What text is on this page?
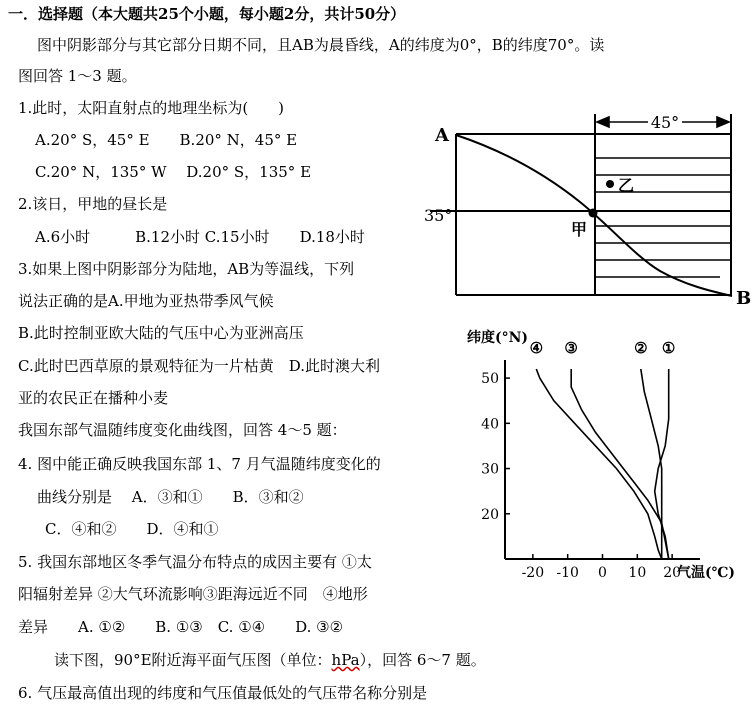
一．选择题（本大题共25个小题，每小题2分，共计50分）
图中阴影部分与其它部分日期不同，且AB为晨昏线，A的纬度为0°，B的纬度70°。读
图回答 1～3 题。
1.此时，太阳直射点的地理坐标为(　　)
A.20° S，45° E　　B.20° N，45° E
C.20° N，135° W　 D.20° S，135° E
2.该日，甲地的昼长是
A.6小时　　　B.12小时 C.15小时　　D.18小时
3.如果上图中阴影部分为陆地，AB为等温线，下列
说法正确的是A.甲地为亚热带季风气候
B.此时控制亚欧大陆的气压中心为亚洲高压
C.此时巴西草原的景观特征为一片枯黄　D.此时澳大利
亚的农民正在播种小麦
我国东部气温随纬度变化曲线图，回答 4～5 题：
4. 图中能正确反映我国东部 1、7 月气温随纬度变化的
曲线分别是　 A．③和①　　B．③和②
C．④和②　　D．④和①
5. 我国东部地区冬季气温分布特点的成因主要有 ①太
阳辐射差异 ②大气环流影响③距海远近不同　④地形
差异　　A. ①②　　B. ①③　C. ①④　　D. ③②
读下图，90°E附近海平面气压图（单位：hPa），回答 6～7 题。
6. 气压最高值出现的纬度和气压值最低处的气压带名称分别是
45°
A
B
35°
甲
乙
纬度(°N)
气温(℃)
20
30
40
50
-20 -10 0 10 20
④ ③	② ①
